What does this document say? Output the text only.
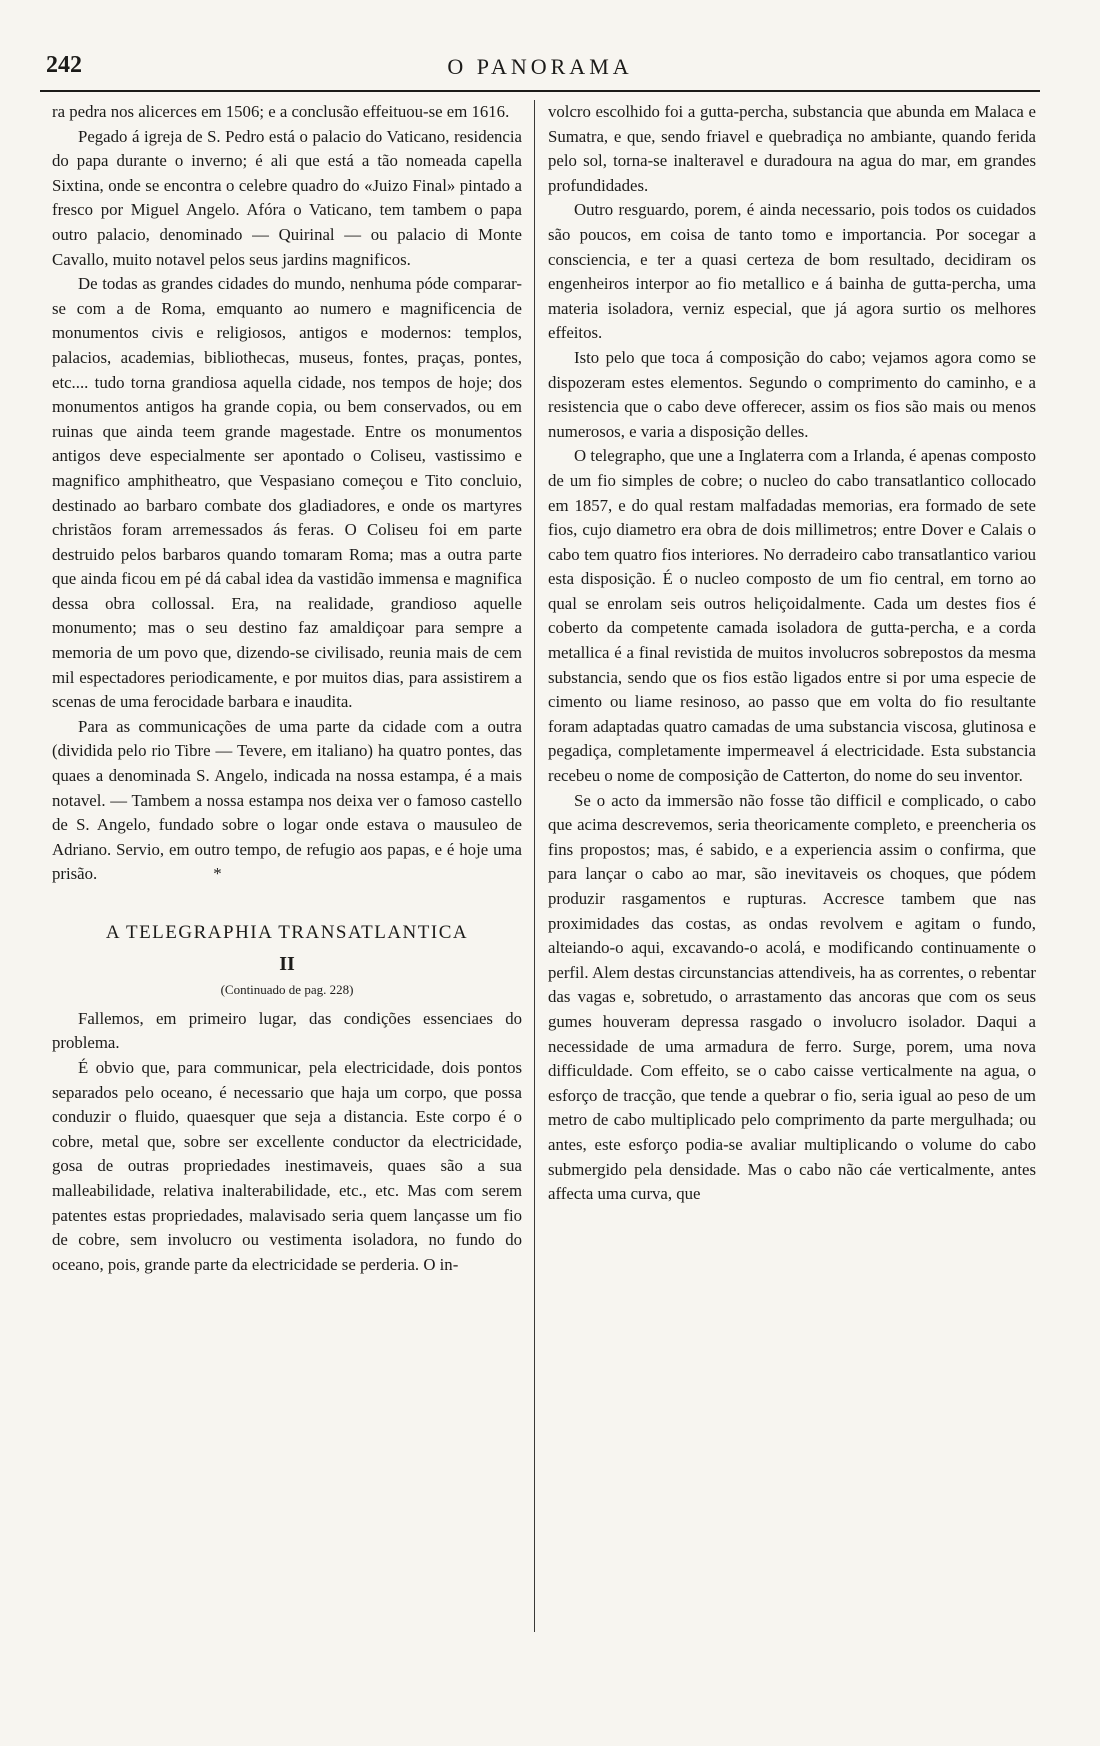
242	O PANORAMA

ra pedra nos alicerces em 1506; e a conclusão effeituou-se em 1616.

Pegado á igreja de S. Pedro está o palacio do Vaticano, residencia do papa durante o inverno; é ali que está a tão nomeada capella Sixtina, onde se encontra o celebre quadro do «Juizo Final» pintado a fresco por Miguel Angelo. Afóra o Vaticano, tem tambem o papa outro palacio, denominado — Quirinal — ou palacio di Monte Cavallo, muito notavel pelos seus jardins magnificos.

De todas as grandes cidades do mundo, nenhuma póde comparar-se com a de Roma, emquanto ao numero e magnificencia de monumentos civis e religiosos, antigos e modernos: templos, palacios, academias, bibliothecas, museus, fontes, praças, pontes, etc.... tudo torna grandiosa aquella cidade, nos tempos de hoje; dos monumentos antigos ha grande copia, ou bem conservados, ou em ruinas que ainda teem grande magestade. Entre os monumentos antigos deve especialmente ser apontado o Coliseu, vastissimo e magnifico amphitheatro, que Vespasiano começou e Tito concluio, destinado ao barbaro combate dos gladiadores, e onde os martyres christãos foram arremessados ás feras. O Coliseu foi em parte destruido pelos barbaros quando tomaram Roma; mas a outra parte que ainda ficou em pé dá cabal idea da vastidão immensa e magnifica dessa obra collossal. Era, na realidade, grandioso aquelle monumento; mas o seu destino faz amaldiçoar para sempre a memoria de um povo que, dizendo-se civilisado, reunia mais de cem mil espectadores periodicamente, e por muitos dias, para assistirem a scenas de uma ferocidade barbara e inaudita.

Para as communicações de uma parte da cidade com a outra (dividida pelo rio Tibre — Tevere, em italiano) ha quatro pontes, das quaes a denominada S. Angelo, indicada na nossa estampa, é a mais notavel. — Tambem a nossa estampa nos deixa ver o famoso castello de S. Angelo, fundado sobre o logar onde estava o mausuleo de Adriano. Servio, em outro tempo, de refugio aos papas, e é hoje uma prisão.	*

A TELEGRAPHIA TRANSATLANTICA
II
(Continuado de pag. 228)

Fallemos, em primeiro lugar, das condições essenciaes do problema.

É obvio que, para communicar, pela electricidade, dois pontos separados pelo oceano, é necessario que haja um corpo, que possa conduzir o fluido, quaesquer que seja a distancia. Este corpo é o cobre, metal que, sobre ser excellente conductor da electricidade, gosa de outras propriedades inestimaveis, quaes são a sua malleabilidade, relativa inalterabilidade, etc., etc. Mas com serem patentes estas propriedades, malavisado seria quem lançasse um fio de cobre, sem involucro ou vestimenta isoladora, no fundo do oceano, pois, grande parte da electricidade se perderia. O in-

volcro escolhido foi a gutta-percha, substancia que abunda em Malaca e Sumatra, e que, sendo friavel e quebradiça no ambiante, quando ferida pelo sol, torna-se inalteravel e duradoura na agua do mar, em grandes profundidades.

Outro resguardo, porem, é ainda necessario, pois todos os cuidados são poucos, em coisa de tanto tomo e importancia. Por socegar a consciencia, e ter a quasi certeza de bom resultado, decidiram os engenheiros interpor ao fio metallico e á bainha de gutta-percha, uma materia isoladora, verniz especial, que já agora surtio os melhores effeitos.

Isto pelo que toca á composição do cabo; vejamos agora como se dispozeram estes elementos. Segundo o comprimento do caminho, e a resistencia que o cabo deve offerecer, assim os fios são mais ou menos numerosos, e varia a disposição delles.

O telegrapho, que une a Inglaterra com a Irlanda, é apenas composto de um fio simples de cobre; o nucleo do cabo transatlantico collocado em 1857, e do qual restam malfadadas memorias, era formado de sete fios, cujo diametro era obra de dois millimetros; entre Dover e Calais o cabo tem quatro fios interiores. No derradeiro cabo transatlantico variou esta disposição. É o nucleo composto de um fio central, em torno ao qual se enrolam seis outros heliçoidalmente. Cada um destes fios é coberto da competente camada isoladora de gutta-percha, e a corda metallica é a final revistida de muitos involucros sobrepostos da mesma substancia, sendo que os fios estão ligados entre si por uma especie de cimento ou liame resinoso, ao passo que em volta do fio resultante foram adaptadas quatro camadas de uma substancia viscosa, glutinosa e pegadiça, completamente impermeavel á electricidade. Esta substancia recebeu o nome de composição de Catterton, do nome do seu inventor.

Se o acto da immersão não fosse tão difficil e complicado, o cabo que acima descrevemos, seria theoricamente completo, e preencheria os fins propostos; mas, é sabido, e a experiencia assim o confirma, que para lançar o cabo ao mar, são inevitaveis os choques, que pódem produzir rasgamentos e rupturas. Accresce tambem que nas proximidades das costas, as ondas revolvem e agitam o fundo, alteiando-o aqui, excavando-o acolá, e modificando continuamente o perfil. Alem destas circunstancias attendiveis, ha as correntes, o rebentar das vagas e, sobretudo, o arrastamento das ancoras que com os seus gumes houveram depressa rasgado o involucro isolador. Daqui a necessidade de uma armadura de ferro. Surge, porem, uma nova difficuldade. Com effeito, se o cabo caisse verticalmente na agua, o esforço de tracção, que tende a quebrar o fio, seria igual ao peso de um metro de cabo multiplicado pelo comprimento da parte mergulhada; ou antes, este esforço podia-se avaliar multiplicando o volume do cabo submergido pela densidade. Mas o cabo não cáe verticalmente, antes affecta uma curva, que
